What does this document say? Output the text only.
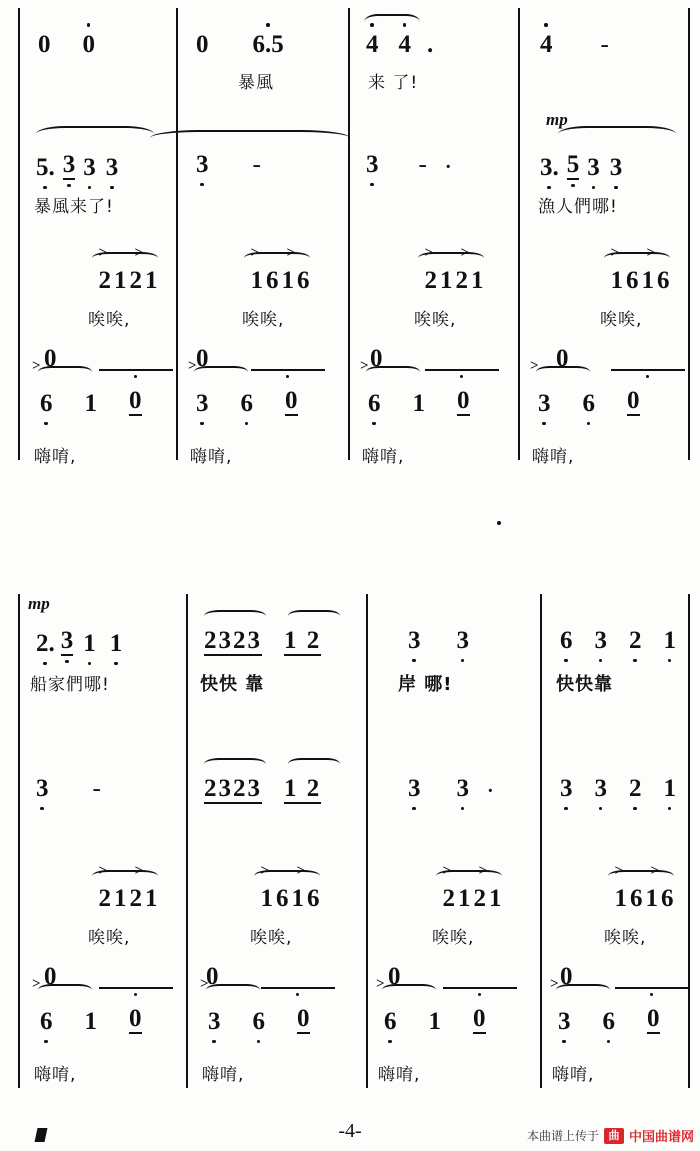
0 0	0 6.5
暴風
4 4 .
来 了!
4 -
mp
5. 3 3 3
暴風来了!
3 -	3 - ·	3. 5 3 3
漁人們哪!
0
2121

>

>

唉唉,
0
1616

>

>

唉唉,
0
2121

>

>

唉唉,
0
1616

>

>

唉唉,
>
6 1 0
嗨唷,
>
3 6 0
嗨唷,
>
6 1 0
嗨唷,
>
3 6 0
嗨唷,
mp
2. 3 1 1
船家們哪!
2323 1 2
快快 靠
3 3
岸 哪!
6 3 2 1
快快靠
3 -	2323 1 2	3 3 ·	3 3 2 1
0
2121

>

>

唉唉,
0
1616

>

>

唉唉,
0
2121

>

>

唉唉,
0
1616

>

>

唉唉,
>
6 1 0
嗨唷,
>
3 6 0
嗨唷,
>
6 1 0
嗨唷,
>
3 6 0
嗨唷,
-4-	本曲谱上传于 曲 中国曲谱网
